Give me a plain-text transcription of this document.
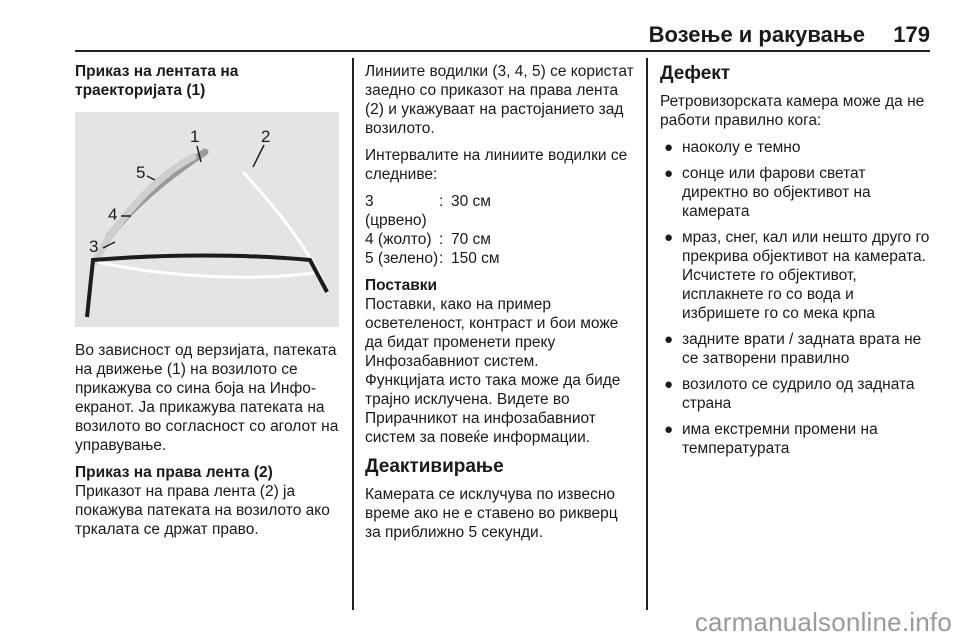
Возење и ракување 179
Приказ на лентата на траекторијата (1)
1	2
3
4
5
Во зависност од верзијата, патеката на движење (1) на возилото се прикажува со сина боја на Инфо-екранот. Ја прикажува патеката на возилото во согласност со аголот на управување.
Приказ на права лента (2)
Приказот на права лента (2) ја покажува патеката на возилото ако тркалата се држат право.
Линиите водилки (3, 4, 5) се користат заедно со приказот на права лента (2) и укажуваат на растојанието зад возилото.
Интервалите на линиите водилки се следниве:
3 (црвено)
: 30 см
4 (жолто) : 70 см
5 (зелено) : 150 см
Поставки
Поставки, како на пример осветеленост, контраст и бои може да бидат променети преку Инфозабавниот систем.
Функцијата исто така може да биде трајно исклучена. Видете во Прирачникот на инфозабавниот систем за повеќе информации.
Деактивирање
Камерата се исклучува по извесно време ако не е ставено во рикверц за приближно 5 секунди.
Дефект
Ретровизорската камера може да не работи правилно кога:
● наоколу е темно
● сонце или фарови светат директно во објективот на камерата
● мраз, снег, кал или нешто друго го прекрива објективот на камерата. Исчистете го објективот, исплакнете го со вода и избришете го со мека крпа
● задните врати / задната врата не се затворени правилно
● возилото се судрило од задната страна
● има екстремни промени на температурата
carmanualsonline.info
